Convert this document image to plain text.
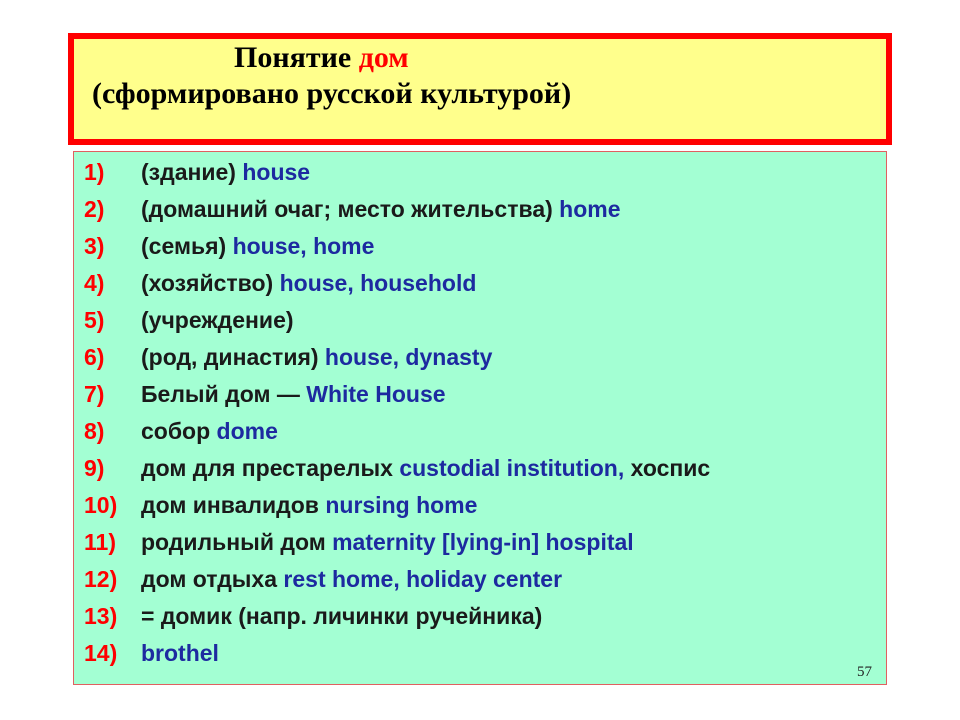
Понятие дом
(сформировано русской культурой)
1) (здание) house
2) (домашний очаг; место жительства) home
3) (семья) house, home
4) (хозяйство) house, household
5) (учреждение)
6) (род, династия) house, dynasty
7) Белый дом — White House
8) собор dome
9) дом для престарелых custodial institution, хоспис
10) дом инвалидов nursing home
11) родильный дом maternity [lying-in] hospital
12) дом отдыха rest home, holiday center
13) = домик (напр. личинки ручейника)
14) brothel
57
